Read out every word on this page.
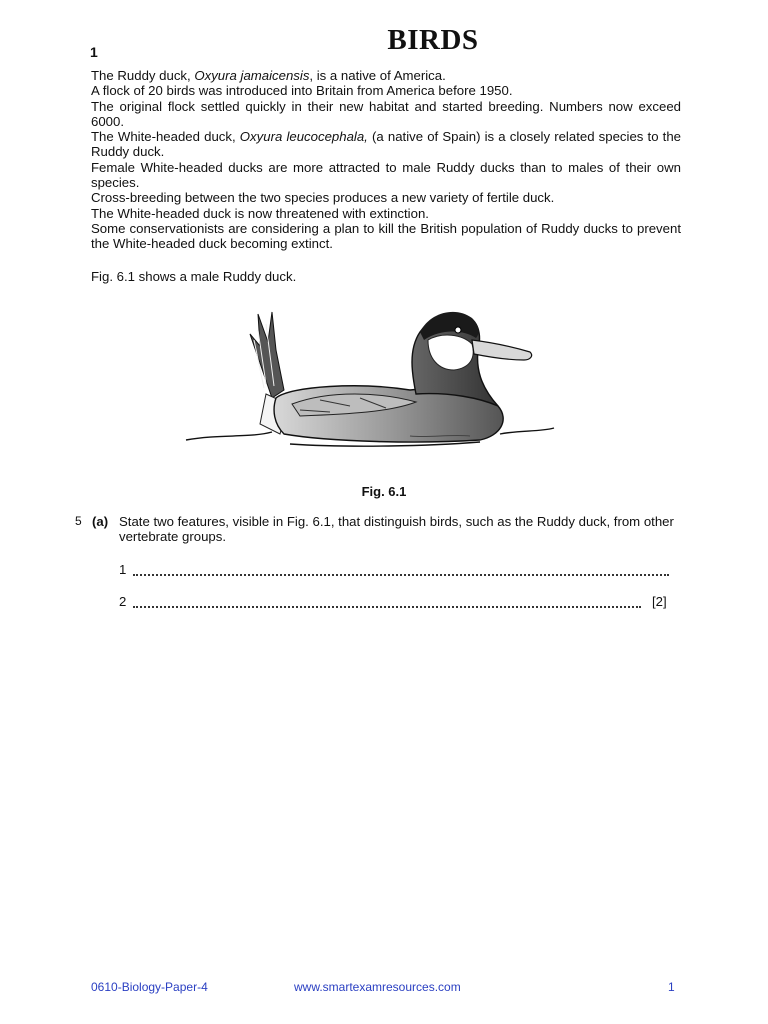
1	BIRDS

The Ruddy duck, Oxyura jamaicensis, is a native of America.

A flock of 20 birds was introduced into Britain from America before 1950.

The original flock settled quickly in their new habitat and started breeding. Numbers now exceed 6000.

The White-headed duck, Oxyura leucocephala, (a native of Spain) is a closely related species to the Ruddy duck.

Female White-headed ducks are more attracted to male Ruddy ducks than to males of their own species.

Cross-breeding between the two species produces a new variety of fertile duck.

The White-headed duck is now threatened with extinction.

Some conservationists are considering a plan to kill the British population of Ruddy ducks to prevent the White-headed duck becoming extinct.

Fig. 6.1 shows a male Ruddy duck.
Fig. 6.1
5 (a) State two features, visible in Fig. 6.1, that distinguish birds, such as the Ruddy duck, from other vertebrate groups.
1
2	[2]
0610-Biology-Paper-4	www.smartexamresources.com	1
